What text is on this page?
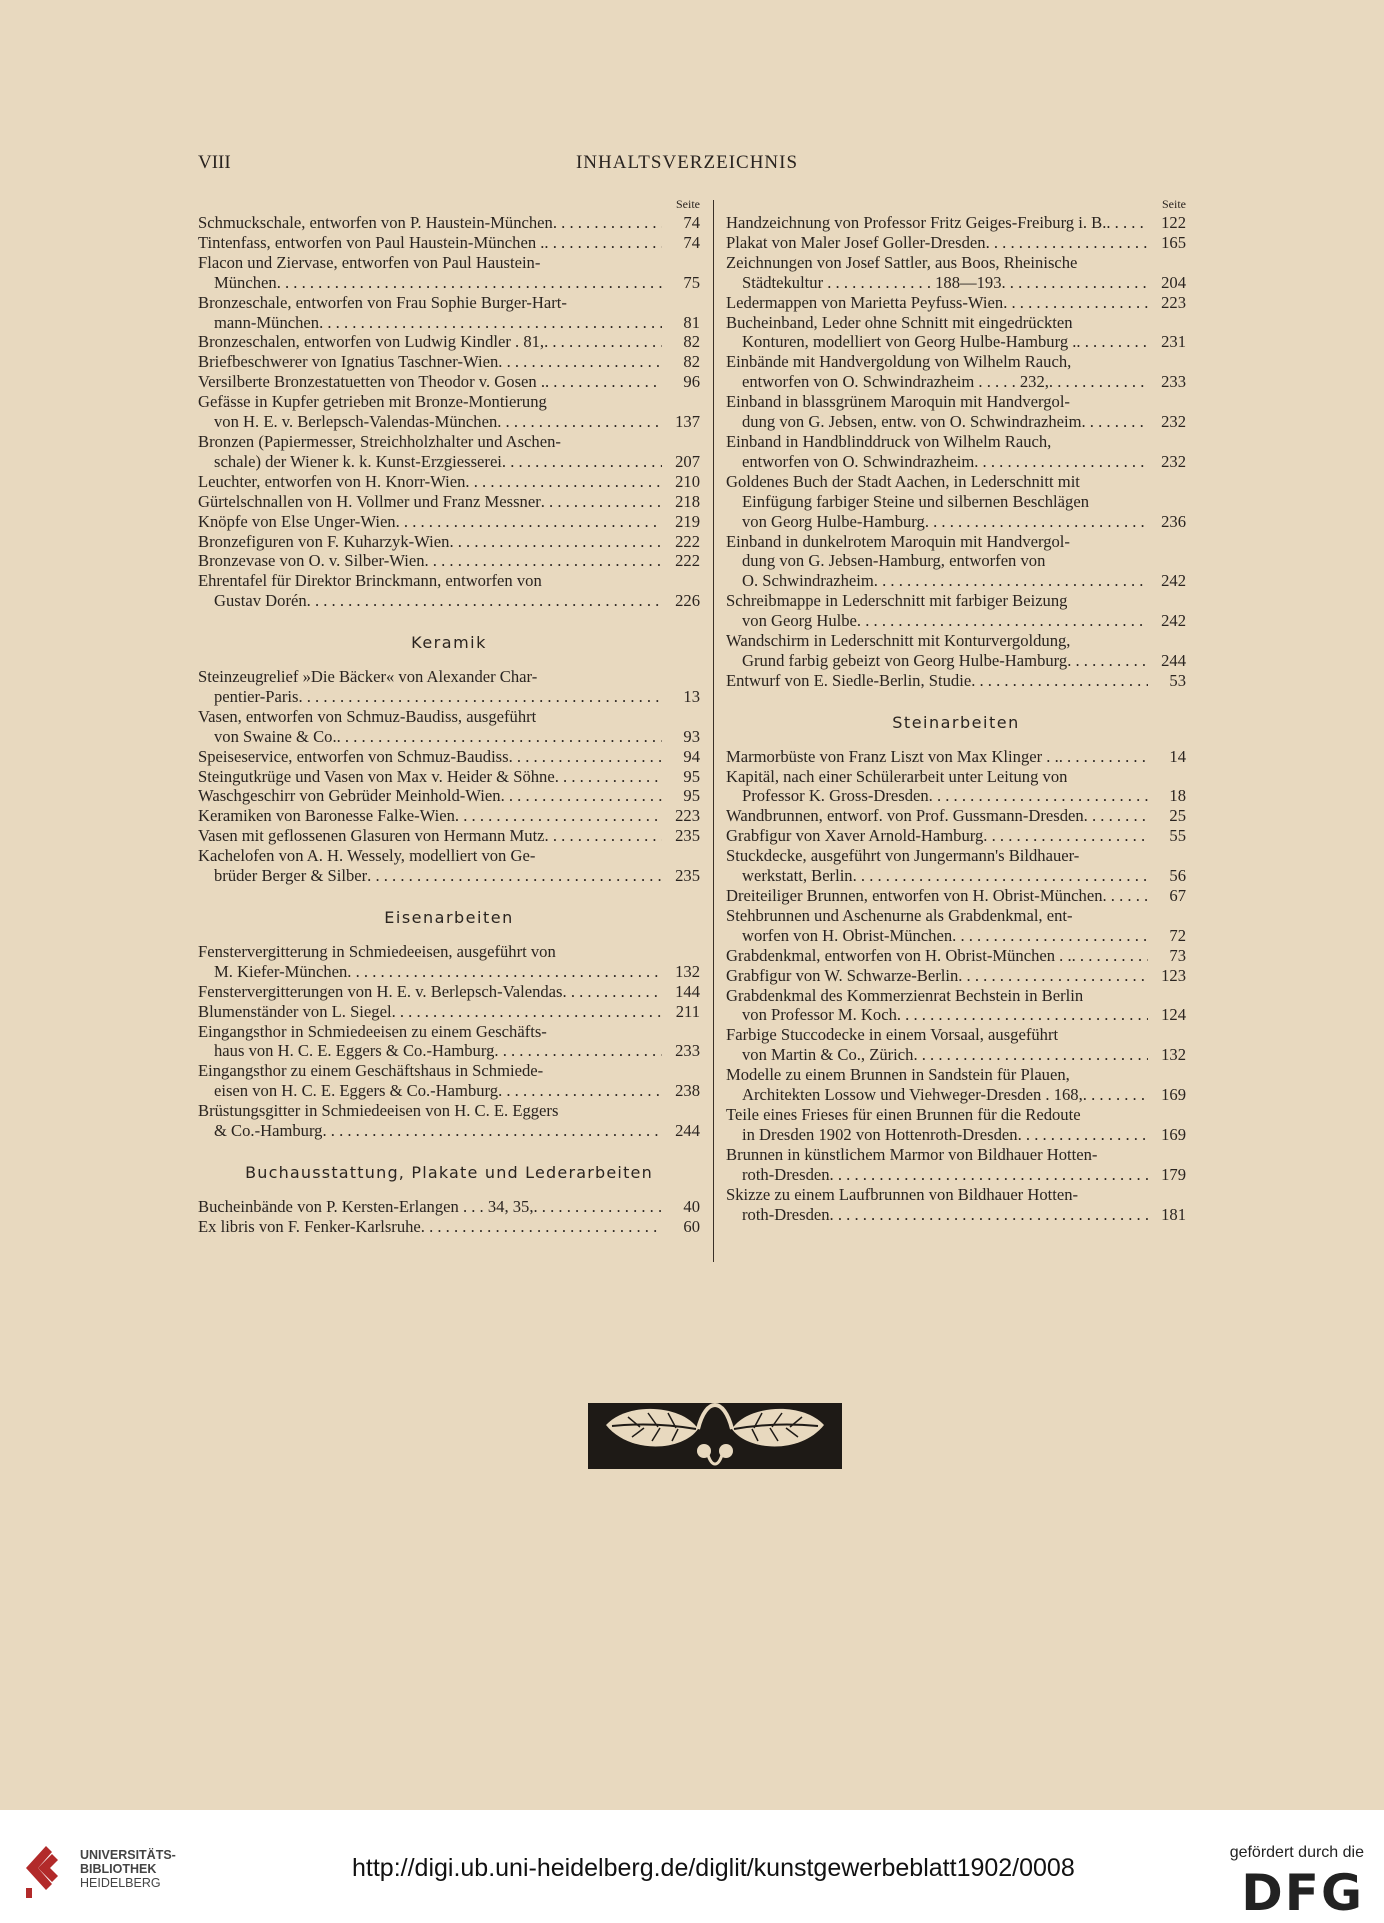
VIII	INHALTSVERZEICHNIS
Seite
Schmuckschale, entworfen von P. Haustein-München . . .	74
Tintenfass, entworfen von Paul Haustein-München . . . .	74
Flacon und Ziervase, entworfen von Paul Haustein-
München . . .	75
Bronzeschale, entworfen von Frau Sophie Burger-Hart-
mann-München . . .	81
Bronzeschalen, entworfen von Ludwig Kindler . 81, . . .	82
Briefbeschwerer von Ignatius Taschner-Wien . . .	82
Versilberte Bronzestatuetten von Theodor v. Gosen . . . .	96
Gefässe in Kupfer getrieben mit Bronze-Montierung
von H. E. v. Berlepsch-Valendas-München . . .	137
Bronzen (Papiermesser, Streichholzhalter und Aschen-
schale) der Wiener k. k. Kunst-Erzgiesserei . . .	207
Leuchter, entworfen von H. Knorr-Wien . . .	210
Gürtelschnallen von H. Vollmer und Franz Messner . . .	218
Knöpfe von Else Unger-Wien . . .	219
Bronzefiguren von F. Kuharzyk-Wien . . .	222
Bronzevase von O. v. Silber-Wien . . .	222
Ehrentafel für Direktor Brinckmann, entworfen von
Gustav Dorén . . .	226
Keramik
Steinzeugrelief »Die Bäcker« von Alexander Char-
pentier-Paris . . .	13
Vasen, entworfen von Schmuz-Baudiss, ausgeführt
von Swaine & Co. . . .	93
Speiseservice, entworfen von Schmuz-Baudiss . . .	94
Steingutkrüge und Vasen von Max v. Heider & Söhne . . .	95
Waschgeschirr von Gebrüder Meinhold-Wien . . .	95
Keramiken von Baronesse Falke-Wien . . .	223
Vasen mit geflossenen Glasuren von Hermann Mutz . . .	235
Kachelofen von A. H. Wessely, modelliert von Ge-
brüder Berger & Silber . . .	235
Eisenarbeiten
Fenstervergitterung in Schmiedeeisen, ausgeführt von
M. Kiefer-München . . .	132
Fenstervergitterungen von H. E. v. Berlepsch-Valendas . . .	144
Blumenständer von L. Siegel . . .	211
Eingangsthor in Schmiedeeisen zu einem Geschäfts-
haus von H. C. E. Eggers & Co.-Hamburg . . .	233
Eingangsthor zu einem Geschäftshaus in Schmiede-
eisen von H. C. E. Eggers & Co.-Hamburg . . .	238
Brüstungsgitter in Schmiedeeisen von H. C. E. Eggers
& Co.-Hamburg . . .	244
Buchausstattung, Plakate und Lederarbeiten
Bucheinbände von P. Kersten-Erlangen . . . 34, 35, . . .	40
Ex libris von F. Fenker-Karlsruhe . . .	60
Seite
Handzeichnung von Professor Fritz Geiges-Freiburg i. B. . . .	122
Plakat von Maler Josef Goller-Dresden . . .	165
Zeichnungen von Josef Sattler, aus Boos, Rheinische
Städtekultur . . . . . . . . . . . . . 188—193 . . .	204
Ledermappen von Marietta Peyfuss-Wien . . .	223
Bucheinband, Leder ohne Schnitt mit eingedrückten
Konturen, modelliert von Georg Hulbe-Hamburg . . . .	231
Einbände mit Handvergoldung von Wilhelm Rauch,
entworfen von O. Schwindrazheim . . . . . 232, . . .	233
Einband in blassgrünem Maroquin mit Handvergol-
dung von G. Jebsen, entw. von O. Schwindrazheim . . .	232
Einband in Handblinddruck von Wilhelm Rauch,
entworfen von O. Schwindrazheim . . .	232
Goldenes Buch der Stadt Aachen, in Lederschnitt mit
Einfügung farbiger Steine und silbernen Beschlägen
von Georg Hulbe-Hamburg . . .	236
Einband in dunkelrotem Maroquin mit Handvergol-
dung von G. Jebsen-Hamburg, entworfen von
O. Schwindrazheim . . .	242
Schreibmappe in Lederschnitt mit farbiger Beizung
von Georg Hulbe . . .	242
Wandschirm in Lederschnitt mit Konturvergoldung,
Grund farbig gebeizt von Georg Hulbe-Hamburg . . .	244
Entwurf von E. Siedle-Berlin, Studie . . .	53
Steinarbeiten
Marmorbüste von Franz Liszt von Max Klinger . . . . .	14
Kapitäl, nach einer Schülerarbeit unter Leitung von
Professor K. Gross-Dresden . . .	18
Wandbrunnen, entworf. von Prof. Gussmann-Dresden . . .	25
Grabfigur von Xaver Arnold-Hamburg . . .	55
Stuckdecke, ausgeführt von Jungermann's Bildhauer-
werkstatt, Berlin . . .	56
Dreiteiliger Brunnen, entworfen von H. Obrist-München . . .	67
Stehbrunnen und Aschenurne als Grabdenkmal, ent-
worfen von H. Obrist-München . . .	72
Grabdenkmal, entworfen von H. Obrist-München . . . . .	73
Grabfigur von W. Schwarze-Berlin . . .	123
Grabdenkmal des Kommerzienrat Bechstein in Berlin
von Professor M. Koch . . .	124
Farbige Stuccodecke in einem Vorsaal, ausgeführt
von Martin & Co., Zürich . . .	132
Modelle zu einem Brunnen in Sandstein für Plauen,
Architekten Lossow und Viehweger-Dresden . 168, . . .	169
Teile eines Frieses für einen Brunnen für die Redoute
in Dresden 1902 von Hottenroth-Dresden . . .	169
Brunnen in künstlichem Marmor von Bildhauer Hotten-
roth-Dresden . . .	179
Skizze zu einem Laufbrunnen von Bildhauer Hotten-
roth-Dresden . . .	181
UNIVERSITÄTS-
BIBLIOTHEK
HEIDELBERG
http://digi.ub.uni-heidelberg.de/diglit/kunstgewerbeblatt1902/0008
gefördert durch die
DFG
